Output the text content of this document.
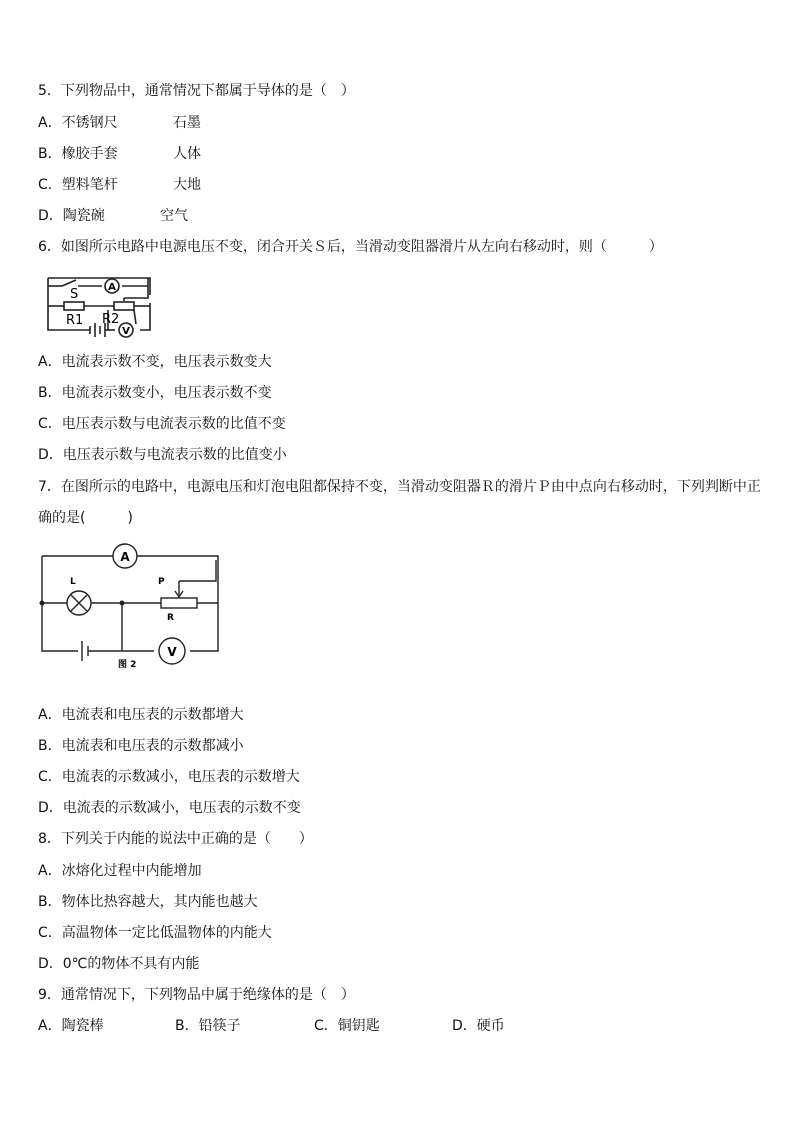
5．下列物品中，通常情况下都属于导体的是（　）
A．不锈钢尺	石墨
B．橡胶手套	人体
C．塑料笔杆	大地
D．陶瓷碗	空气
6．如图所示电路中电源电压不变，闭合开关Ｓ后，当滑动变阻器滑片从左向右移动时，则（　　　）
A
V
S
R1 R2
A．电流表示数不变，电压表示数变大
B．电流表示数变小，电压表示数不变
C．电压表示数与电流表示数的比值不变
D．电压表示数与电流表示数的比值变小
7．在图所示的电路中，电源电压和灯泡电阻都保持不变，当滑动变阻器Ｒ的滑片Ｐ由中点向右移动时，下列判断中正
确的是(　　　)
A
V
L	P
R
图 2
A．电流表和电压表的示数都增大
B．电流表和电压表的示数都减小
C．电流表的示数减小，电压表的示数增大
D．电流表的示数减小，电压表的示数不变
8．下列关于内能的说法中正确的是（　　）
A．冰熔化过程中内能增加
B．物体比热容越大，其内能也越大
C．高温物体一定比低温物体的内能大
D．0℃的物体不具有内能
9．通常情况下，下列物品中属于绝缘体的是（　）
A．陶瓷棒	B．铅筷子	C．铜钥匙	D．硬币
